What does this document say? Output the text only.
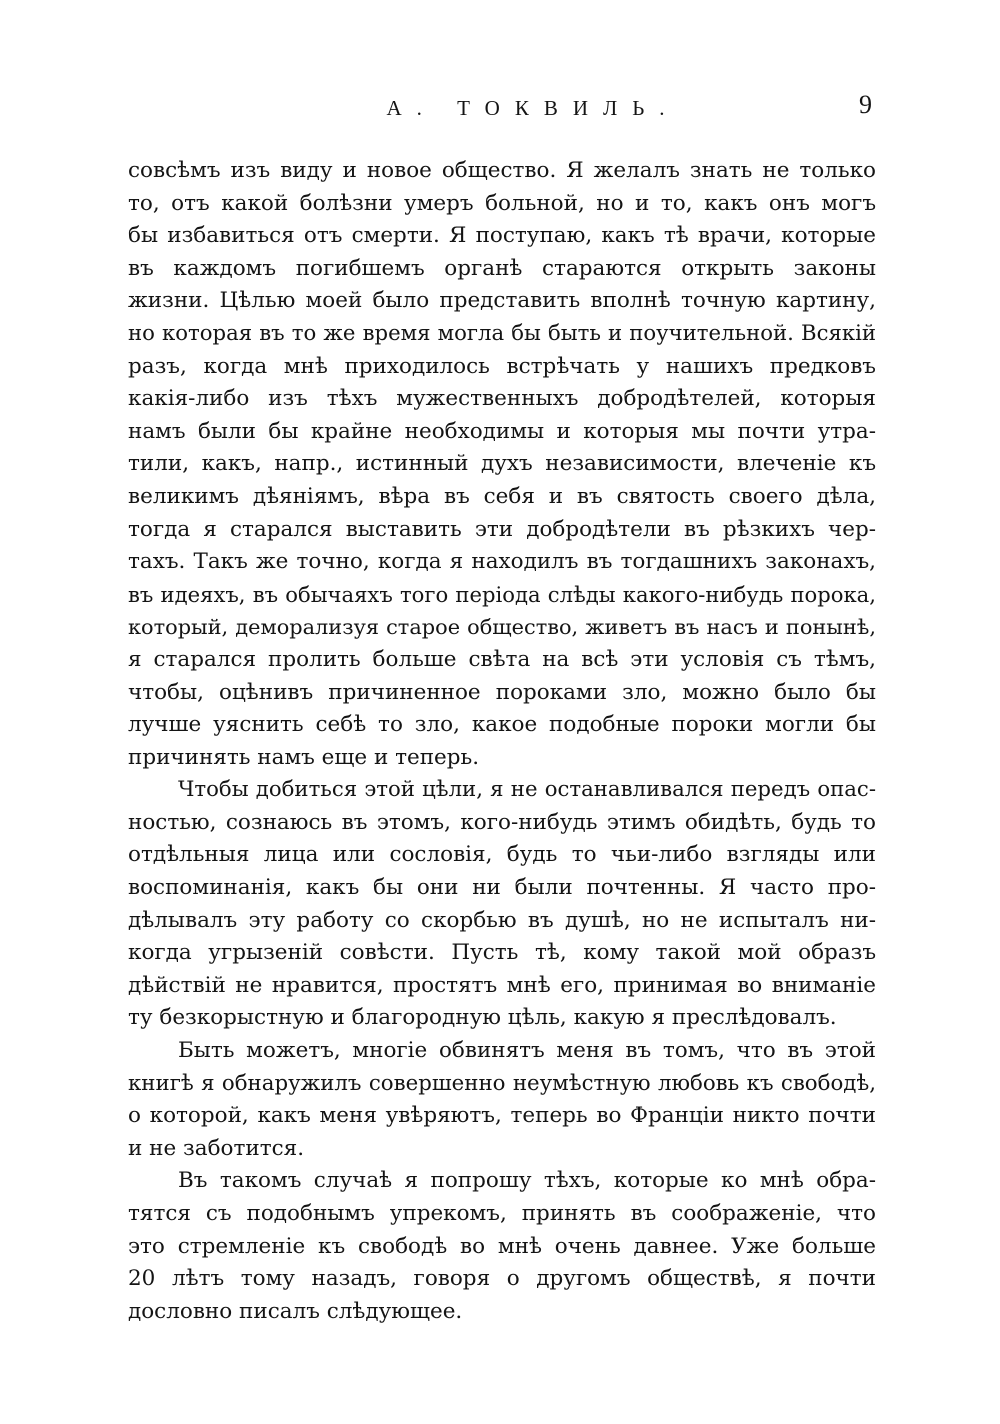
А. ТОКВИЛЬ.	9
совсѣмъ изъ виду и новое общество. Я желалъ знать не только
то, отъ какой болѣзни умеръ больной, но и то, какъ онъ могъ
бы избавиться отъ смерти. Я поступаю, какъ тѣ врачи, которые
въ каждомъ погибшемъ органѣ стараются открыть законы
жизни. Цѣлью моей было представить вполнѣ точную картину,
но которая въ то же время могла бы быть и поучительной. Всякій
разъ, когда мнѣ приходилось встрѣчать у нашихъ предковъ
какія-либо изъ тѣхъ мужественныхъ добродѣтелей, которыя
намъ были бы крайне необходимы и которыя мы почти утра-
тили, какъ, напр., истинный духъ независимости, влеченіе къ
великимъ дѣяніямъ, вѣра въ себя и въ святость своего дѣла,
тогда я старался выставить эти добродѣтели въ рѣзкихъ чер-
тахъ. Такъ же точно, когда я находилъ въ тогдашнихъ законахъ,
въ идеяхъ, въ обычаяхъ того періода слѣды какого-нибудь порока,
который, деморализуя старое общество, живетъ въ насъ и понынѣ,
я старался пролить больше свѣта на всѣ эти условія съ тѣмъ,
чтобы, оцѣнивъ причиненное пороками зло, можно было бы
лучше уяснить себѣ то зло, какое подобные пороки могли бы
причинять намъ еще и теперь.
Чтобы добиться этой цѣли, я не останавливался передъ опас-
ностью, сознаюсь въ этомъ, кого-нибудь этимъ обидѣть, будь то
отдѣльныя лица или сословія, будь то чьи-либо взгляды или
воспоминанія, какъ бы они ни были почтенны. Я часто про-
дѣлывалъ эту работу со скорбью въ душѣ, но не испыталъ ни-
когда угрызеній совѣсти. Пусть тѣ, кому такой мой образъ
дѣйствій не нравится, простятъ мнѣ его, принимая во вниманіе
ту безкорыстную и благородную цѣль, какую я преслѣдовалъ.
Быть можетъ, многіе обвинятъ меня въ томъ, что въ этой
книгѣ я обнаружилъ совершенно неумѣстную любовь къ свободѣ,
о которой, какъ меня увѣряютъ, теперь во Франціи никто почти
и не заботится.
Въ такомъ случаѣ я попрошу тѣхъ, которые ко мнѣ обра-
тятся съ подобнымъ упрекомъ, принять въ соображеніе, что
это стремленіе къ свободѣ во мнѣ очень давнее. Уже больше
20 лѣтъ тому назадъ, говоря о другомъ обществѣ, я почти
дословно писалъ слѣдующее.
